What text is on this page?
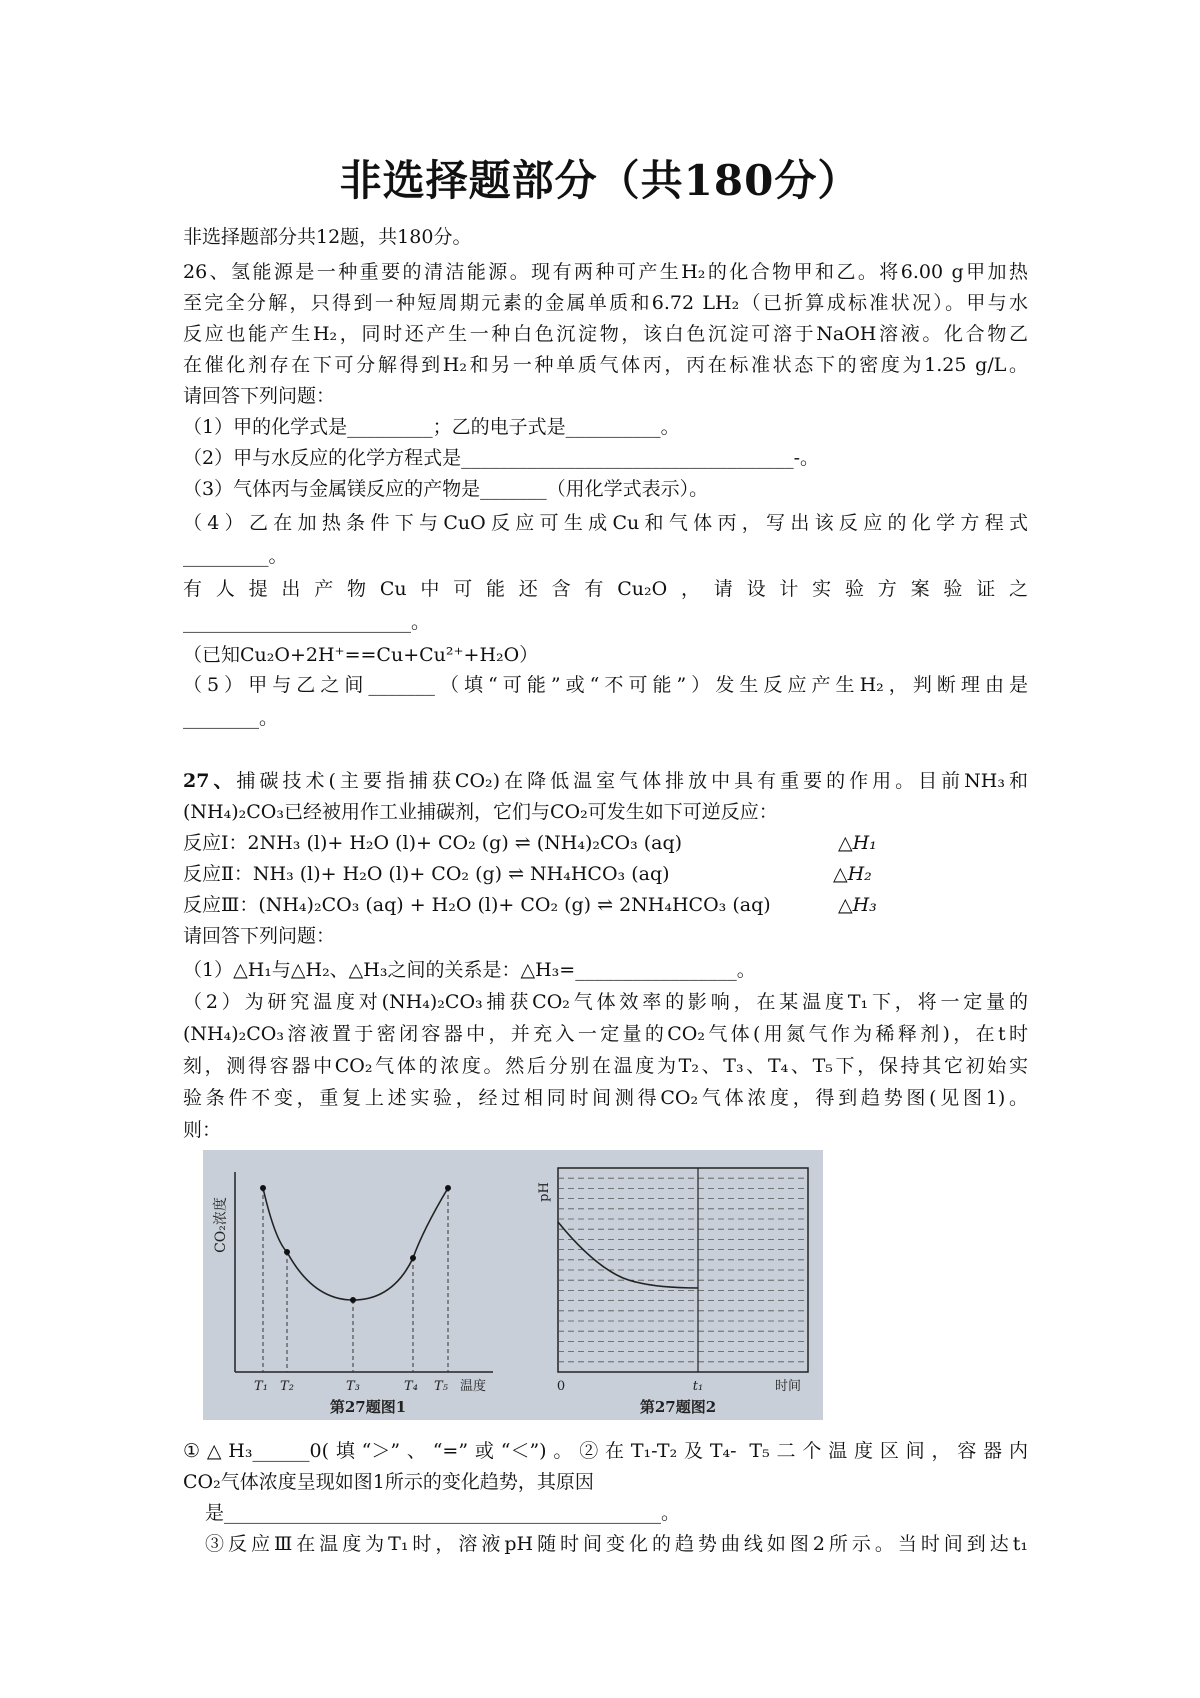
非选择题部分（共180分）
非选择题部分共12题，共180分。
26、氢能源是一种重要的清洁能源。现有两种可产生H₂的化合物甲和乙。将6.00 g甲加热
至完全分解，只得到一种短周期元素的金属单质和6.72 LH₂（已折算成标准状况）。甲与水
反应也能产生H₂，同时还产生一种白色沉淀物，该白色沉淀可溶于NaOH溶液。化合物乙
在催化剂存在下可分解得到H₂和另一种单质气体丙，丙在标准状态下的密度为1.25 g/L。
请回答下列问题：
（1）甲的化学式是_________；乙的电子式是__________。
（2）甲与水反应的化学方程式是___________________________________-。
（3）气体丙与金属镁反应的产物是_______（用化学式表示）。
（4）乙在加热条件下与CuO反应可生成Cu和气体丙，写出该反应的化学方程式
_________。
有人提出产物Cu中可能还含有Cu₂O，请设计实验方案验证之
________________________。
（已知Cu₂O+2H⁺==Cu+Cu²⁺+H₂O）
（5）甲与乙之间_______（填“可能”或“不可能”）发生反应产生H₂，判断理由是
________。
27、捕碳技术(主要指捕获CO₂)在降低温室气体排放中具有重要的作用。目前NH₃和
(NH₄)₂CO₃已经被用作工业捕碳剂，它们与CO₂可发生如下可逆反应：
反应Ⅰ：2NH₃ (l)+ H₂O (l)+ CO₂ (g) ⇌ (NH₄)₂CO₃ (aq)	△H₁
反应Ⅱ：NH₃ (l)+ H₂O (l)+ CO₂ (g) ⇌ NH₄HCO₃ (aq)	△H₂
反应Ⅲ：(NH₄)₂CO₃ (aq) + H₂O (l)+ CO₂ (g) ⇌ 2NH₄HCO₃ (aq)	△H₃
请回答下列问题：
（1）△H₁与△H₂、△H₃之间的关系是：△H₃=_________________。
（2）为研究温度对(NH₄)₂CO₃捕获CO₂气体效率的影响，在某温度T₁下，将一定量的
(NH₄)₂CO₃溶液置于密闭容器中，并充入一定量的CO₂气体(用氮气作为稀释剂)，在t时
刻，测得容器中CO₂气体的浓度。然后分别在温度为T₂、T₃、T₄、T₅下，保持其它初始实
验条件不变，重复上述实验，经过相同时间测得CO₂气体浓度，得到趋势图(见图1)。
则：
CO₂浓度
T₁ T₂	T₃	T₄ T₅ 温度
第27题图1
pH
0	t₁	时间
第27题图2
①△H₃______0(填“＞”、“=”或“＜”)。②在T₁-T₂及T₄- T₅二个温度区间，容器内
CO₂气体浓度呈现如图1所示的变化趋势，其原因
是______________________________________________。
③反应Ⅲ在温度为T₁时，溶液pH随时间变化的趋势曲线如图2所示。当时间到达t₁
